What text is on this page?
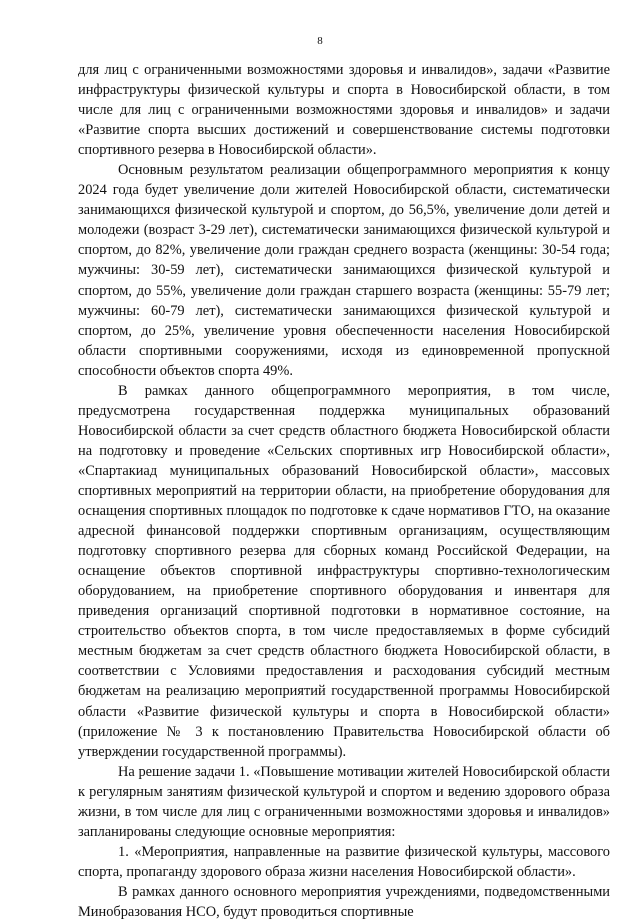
8

для лиц с ограниченными возможностями здоровья и инвалидов», задачи «Развитие инфраструктуры физической культуры и спорта в Новосибирской области, в том числе для лиц с ограниченными возможностями здоровья и инвалидов» и задачи «Развитие спорта высших достижений и совершенствование системы подготовки спортивного резерва в Новосибирской области».

Основным результатом реализации общепрограммного мероприятия к концу 2024 года будет увеличение доли жителей Новосибирской области, систематически занимающихся физической культурой и спортом, до 56,5%, увеличение доли детей и молодежи (возраст 3-29 лет), систематически занимающихся физической культурой и спортом, до 82%, увеличение доли граждан среднего возраста (женщины: 30-54 года; мужчины: 30-59 лет), систематически занимающихся физической культурой и спортом, до 55%, увеличение доли граждан старшего возраста (женщины: 55-79 лет; мужчины: 60-79 лет), систематически занимающихся физической культурой и спортом, до 25%, увеличение уровня обеспеченности населения Новосибирской области спортивными сооружениями, исходя из единовременной пропускной способности объектов спорта 49%.

В рамках данного общепрограммного мероприятия, в том числе, предусмотрена государственная поддержка муниципальных образований Новосибирской области за счет средств областного бюджета Новосибирской области на подготовку и проведение «Сельских спортивных игр Новосибирской области», «Спартакиад муниципальных образований Новосибирской области», массовых спортивных мероприятий на территории области, на приобретение оборудования для оснащения спортивных площадок по подготовке к сдаче нормативов ГТО, на оказание адресной финансовой поддержки спортивным организациям, осуществляющим подготовку спортивного резерва для сборных команд Российской Федерации, на оснащение объектов спортивной инфраструктуры спортивно-технологическим оборудованием, на приобретение спортивного оборудования и инвентаря для приведения организаций спортивной подготовки в нормативное состояние, на строительство объектов спорта, в том числе предоставляемых в форме субсидий местным бюджетам за счет средств областного бюджета Новосибирской области, в соответствии с Условиями предоставления и расходования субсидий местным бюджетам на реализацию мероприятий государственной программы Новосибирской области «Развитие физической культуры и спорта в Новосибирской области» (приложение № 3 к постановлению Правительства Новосибирской области об утверждении государственной программы).

На решение задачи 1. «Повышение мотивации жителей Новосибирской области к регулярным занятиям физической культурой и спортом и ведению здорового образа жизни, в том числе для лиц с ограниченными возможностями здоровья и инвалидов» запланированы следующие основные мероприятия:

1. «Мероприятия, направленные на развитие физической культуры, массового спорта, пропаганду здорового образа жизни населения Новосибирской области».

В рамках данного основного мероприятия учреждениями, подведомственными Минобразования НСО, будут проводиться спортивные
